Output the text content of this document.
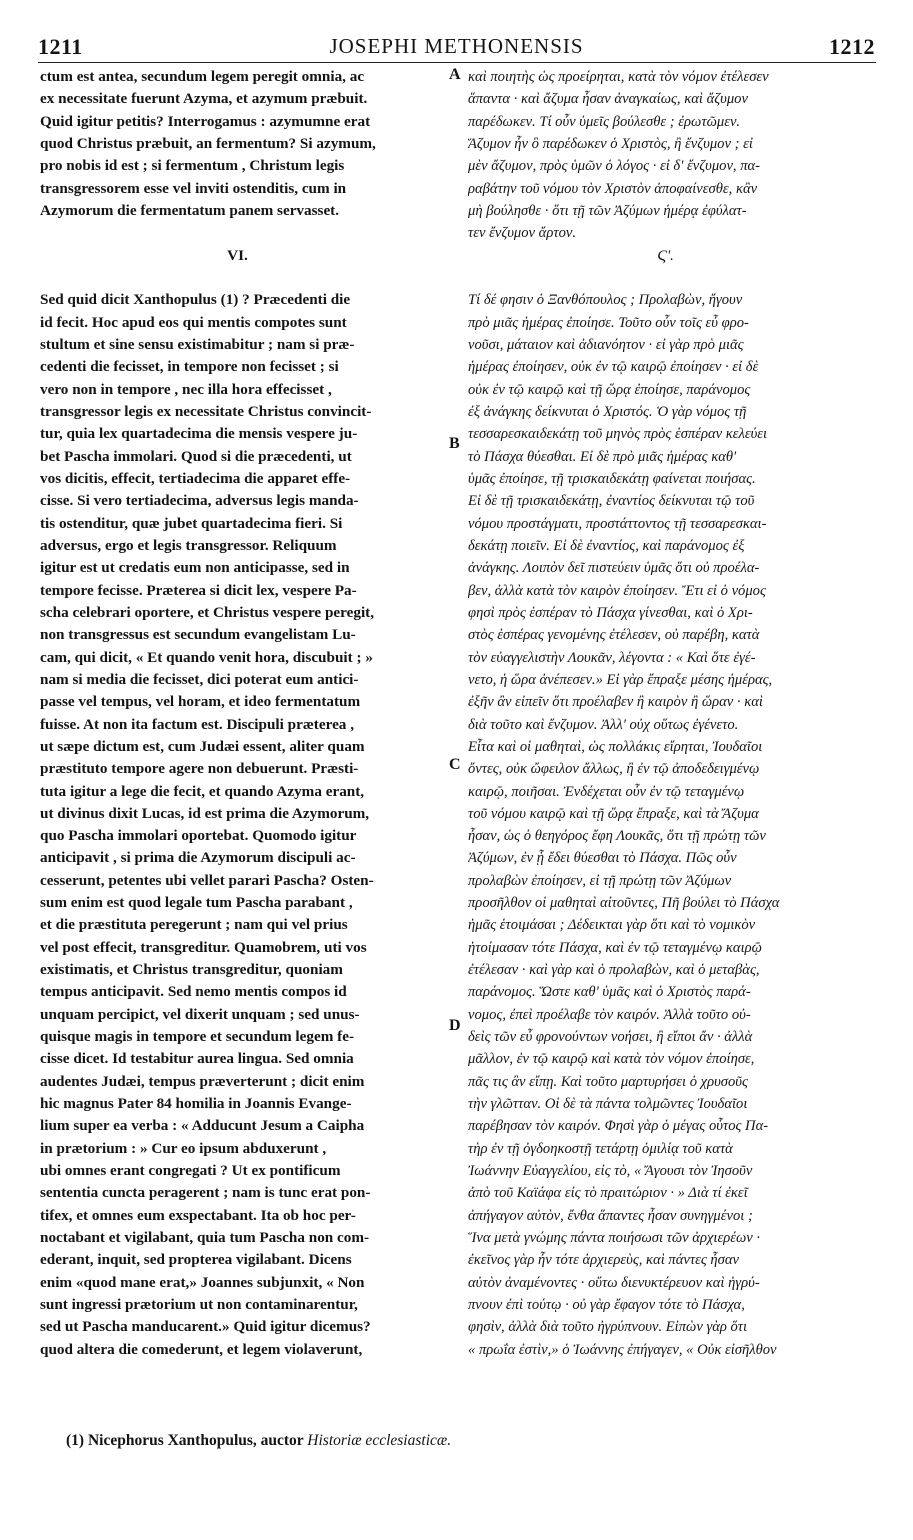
1211	JOSEPHI METHONENSIS	1212
ctum est antea, secundum legem peregit omnia, ac
ex necessitate fuerunt Azyma, et azymum præbuit.
Quid igitur petitis? Interrogamus : azymumne erat
quod Christus præbuit, an fermentum? Si azymum,
pro nobis id est ; si fermentum , Christum legis
transgressorem esse vel inviti ostenditis, cum in
Azymorum die fermentatum panem servasset.
VI.
Sed quid dicit Xanthopulus (1) ? Præcedenti die
id fecit. Hoc apud eos qui mentis compotes sunt
stultum et sine sensu existimabitur ; nam si præ-
cedenti die fecisset, in tempore non fecisset ; si
vero non in tempore , nec illa hora effecisset ,
transgressor legis ex necessitate Christus convincit-
tur, quia lex quartadecima die mensis vespere ju-
bet Pascha immolari. Quod si die præcedenti, ut
vos dicitis, effecit, tertiadecima die apparet effe-
cisse. Si vero tertiadecima, adversus legis manda-
tis ostenditur, quæ jubet quartadecima fieri. Si
adversus, ergo et legis transgressor. Reliquum
igitur est ut credatis eum non anticipasse, sed in
tempore fecisse. Præterea si dicit lex, vespere Pa-
scha celebrari oportere, et Christus vespere peregit,
non transgressus est secundum evangelistam Lu-
cam, qui dicit, « Et quando venit hora, discubuit ; »
nam si media die fecisset, dici poterat eum antici-
passe vel tempus, vel horam, et ideo fermentatum
fuisse. At non ita factum est. Discipuli præterea ,
ut sæpe dictum est, cum Judæi essent, aliter quam
præstituto tempore agere non debuerunt. Præsti-
tuta igitur a lege die fecit, et quando Azyma erant,
ut divinus dixit Lucas, id est prima die Azymorum,
quo Pascha immolari oportebat. Quomodo igitur
anticipavit , si prima die Azymorum discipuli ac-
cesserunt, petentes ubi vellet parari Pascha? Osten-
sum enim est quod legale tum Pascha parabant ,
et die præstituta peregerunt ; nam qui vel prius
vel post effecit, transgreditur. Quamobrem, uti vos
existimatis, et Christus transgreditur, quoniam
tempus anticipavit. Sed nemo mentis compos id
unquam percipict, vel dixerit unquam ; sed unus-
quisque magis in tempore et secundum legem fe-
cisse dicet. Id testabitur aurea lingua. Sed omnia
audentes Judæi, tempus præverterunt ; dicit enim
hic magnus Pater 84 homilia in Joannis Evange-
lium super ea verba : « Adducunt Jesum a Caipha
in prætorium : » Cur eo ipsum abduxerunt ,
ubi omnes erant congregati ? Ut ex pontificum
sententia cuncta peragerent ; nam is tunc erat pon-
tifex, et omnes eum exspectabant. Ita ob hoc per-
noctabant et vigilabant, quia tum Pascha non com-
ederant, inquit, sed propterea vigilabant. Dicens
enim «quod mane erat,» Joannes subjunxit, « Non
sunt ingressi prætorium ut non contaminarentur,
sed ut Pascha manducarent.» Quid igitur dicemus?
quod altera die comederunt, et legem violaverunt,
καὶ ποιητὴς ὡς προείρηται, κατὰ τὸν νόμον ἐτέλεσεν
ἅπαντα · καὶ ἄζυμα ἦσαν ἀναγκαίως, καὶ ἄζυμον
παρέδωκεν. Τί οὖν ὑμεῖς βούλεσθε ; ἐρωτῶμεν.
Ἄζυμον ἦν ὃ παρέδωκεν ὁ Χριστὸς, ἢ ἔνζυμον ; εἰ
μὲν ἄζυμον, πρὸς ὑμῶν ὁ λόγος · εἰ δ' ἔνζυμον, πα-
ραβάτην τοῦ νόμου τὸν Χριστὸν ἀποφαίνεσθε, κἂν
μὴ βούλησθε · ὅτι τῇ τῶν Ἀζύμων ἡμέρᾳ ἐφύλατ-
τεν ἔνζυμον ἄρτον.
Ϛ'.
Τί δέ φησιν ὁ Ξανθόπουλος ; Προλαβὼν, ἤγουν
πρὸ μιᾶς ἡμέρας ἐποίησε. Τοῦτο οὖν τοῖς εὖ φρο-
νοῦσι, μάταιον καὶ ἀδιανόητον · εἰ γὰρ πρὸ μιᾶς
ἡμέρας ἐποίησεν, οὐκ ἐν τῷ καιρῷ ἐποίησεν · εἰ δὲ
οὐκ ἐν τῷ καιρῷ καὶ τῇ ὥρᾳ ἐποίησε, παράνομος
ἐξ ἀνάγκης δείκνυται ὁ Χριστός. Ὁ γὰρ νόμος τῇ
τεσσαρεσκαιδεκάτῃ τοῦ μηνὸς πρὸς ἑσπέραν κελεύει
τὸ Πάσχα θύεσθαι. Εἰ δὲ πρὸ μιᾶς ἡμέρας καθ'
ὑμᾶς ἐποίησε, τῇ τρισκαιδεκάτῃ φαίνεται ποιήσας.
Εἰ δὲ τῇ τρισκαιδεκάτῃ, ἐναντίος δείκνυται τῷ τοῦ
νόμου προστάγματι, προστάττοντος τῇ τεσσαρεσκαι-
δεκάτῃ ποιεῖν. Εἰ δὲ ἐναντίος, καὶ παράνομος ἐξ
ἀνάγκης. Λοιπὸν δεῖ πιστεύειν ὑμᾶς ὅτι οὐ προέλα-
βεν, ἀλλὰ κατὰ τὸν καιρὸν ἐποίησεν. Ἔτι εἰ ὁ νόμος
φησὶ πρὸς ἑσπέραν τὸ Πάσχα γίνεσθαι, καὶ ὁ Χρι-
στὸς ἑσπέρας γενομένης ἐτέλεσεν, οὐ παρέβη, κατὰ
τὸν εὐαγγελιστὴν Λουκᾶν, λέγοντα : « Καὶ ὅτε ἐγέ-
νετο, ἡ ὥρα ἀνέπεσεν.» Εἰ γὰρ ἔπραξε μέσης ἡμέρας,
ἐξῆν ἂν εἰπεῖν ὅτι προέλαβεν ἢ καιρὸν ἢ ὥραν · καὶ
διὰ τοῦτο καὶ ἔνζυμον. Ἀλλ' οὐχ οὕτως ἐγένετο.
Εἶτα καὶ οἱ μαθηταὶ, ὡς πολλάκις εἴρηται, Ἰουδαῖοι
ὄντες, οὐκ ὤφειλον ἄλλως, ἢ ἐν τῷ ἀποδεδειγμένῳ
καιρῷ, ποιῆσαι. Ἐνδέχεται οὖν ἐν τῷ τεταγμένῳ
τοῦ νόμου καιρῷ καὶ τῇ ὥρᾳ ἔπραξε, καὶ τὰ Ἄζυμα
ἦσαν, ὡς ὁ θεηγόρος ἔφη Λουκᾶς, ὅτι τῇ πρώτῃ τῶν
Ἀζύμων, ἐν ᾗ ἔδει θύεσθαι τὸ Πάσχα. Πῶς οὖν
προλαβὼν ἐποίησεν, εἰ τῇ πρώτῃ τῶν Ἀζύμων
προσῆλθον οἱ μαθηταὶ αἰτοῦντες, Πῆ βούλει τὸ Πάσχα
ἡμᾶς ἑτοιμάσαι ; Δέδεικται γὰρ ὅτι καὶ τὸ νομικὸν
ἡτοίμασαν τότε Πάσχα, καὶ ἐν τῷ τεταγμένῳ καιρῷ
ἐτέλεσαν · καὶ γὰρ καὶ ὁ προλαβὼν, καὶ ὁ μεταβὰς,
παράνομος. Ὥστε καθ' ὑμᾶς καὶ ὁ Χριστὸς παρά-
νομος, ἐπεὶ προέλαβε τὸν καιρόν. Ἀλλὰ τοῦτο οὐ-
δεὶς τῶν εὖ φρονούντων νοήσει, ἢ εἴποι ἄν · ἀλλὰ
μᾶλλον, ἐν τῷ καιρῷ καὶ κατὰ τὸν νόμον ἐποίησε,
πᾶς τις ἂν εἴπῃ. Καὶ τοῦτο μαρτυρήσει ὁ χρυσοῦς
τὴν γλῶτταν. Οἱ δὲ τὰ πάντα τολμῶντες Ἰουδαῖοι
παρέβησαν τὸν καιρόν. Φησὶ γὰρ ὁ μέγας οὗτος Πα-
τὴρ ἐν τῇ ὀγδοηκοστῇ τετάρτῃ ὁμιλίᾳ τοῦ κατὰ
Ἰωάννην Εὐαγγελίου, εἰς τὸ, « Ἄγουσι τὸν Ἰησοῦν
ἀπὸ τοῦ Καϊάφα εἰς τὸ πραιτώριον · » Διὰ τί ἐκεῖ
ἀπήγαγον αὐτὸν, ἔνθα ἅπαντες ἦσαν συνηγμένοι ;
Ἵνα μετὰ γνώμης πάντα ποιήσωσι τῶν ἀρχιερέων ·
ἐκεῖνος γὰρ ἦν τότε ἀρχιερεὺς, καὶ πάντες ἦσαν
αὐτὸν ἀναμένοντες · οὕτω διενυκτέρευον καὶ ἠγρύ-
πνουν ἐπὶ τούτῳ · οὐ γὰρ ἔφαγον τότε τὸ Πάσχα,
φησὶν, ἀλλὰ διὰ τοῦτο ἠγρύπνουν. Εἰπὼν γὰρ ὅτι
« πρωΐα ἐστὶν,» ὁ Ἰωάννης ἐπήγαγεν, « Οὐκ εἰσῆλθον
A
B
C
D
(1) Nicephorus Xanthopulus, auctor Historiæ ecclesiasticæ.
